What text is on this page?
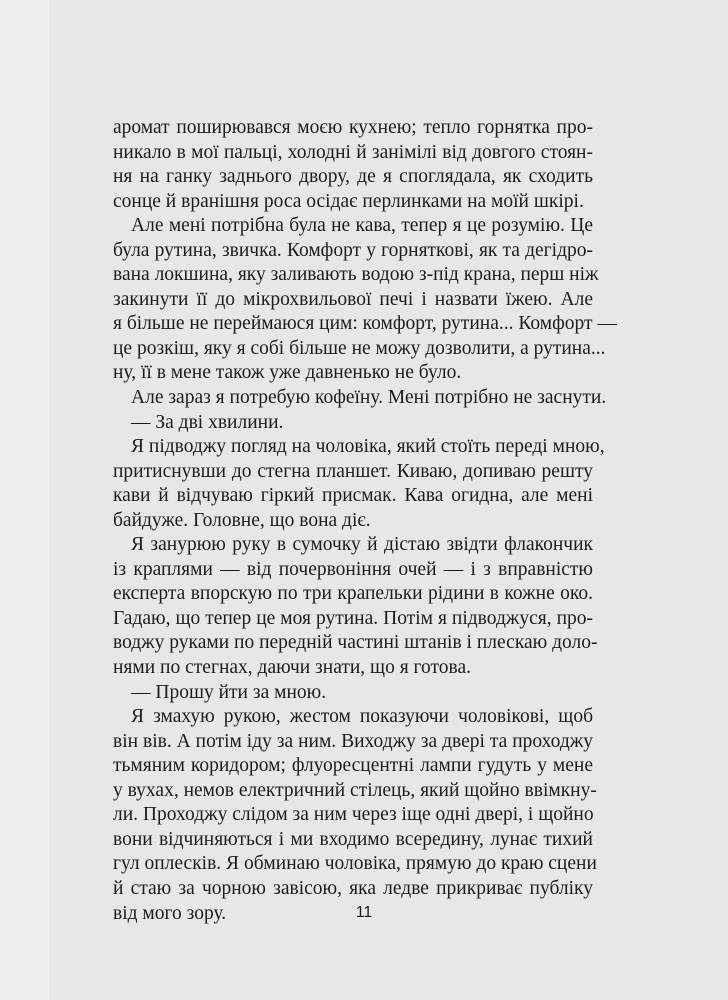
аромат поширювався моєю кухнею; тепло горнятка про-
никало в мої пальці, холодні й занімілі від довгого стоян-
ня на ганку заднього двору, де я споглядала, як сходить
сонце й вранішня роса осідає перлинками на моїй шкірі.
Але мені потрібна була не кава, тепер я це розумію. Це
була рутина, звичка. Комфорт у горняткові, як та дегідро-
вана локшина, яку заливають водою з-під крана, перш ніж
закинути її до мікрохвильової печі і назвати їжею. Але
я більше не переймаюся цим: комфорт, рутина... Комфорт —
це розкіш, яку я собі більше не можу дозволити, а рутина...
ну, її в мене також уже давненько не було.
Але зараз я потребую кофеїну. Мені потрібно не заснути.
— За дві хвилини.
Я підводжу погляд на чоловіка, який стоїть переді мною,
притиснувши до стегна планшет. Киваю, допиваю решту
кави й відчуваю гіркий присмак. Кава огидна, але мені
байдуже. Головне, що вона діє.
Я занурюю руку в сумочку й дістаю звідти флакончик
із краплями — від почервоніння очей — і з вправністю
експерта впорскую по три крапельки рідини в кожне око.
Гадаю, що тепер це моя рутина. Потім я підводжуся, про-
воджу руками по передній частині штанів і плескаю доло-
нями по стегнах, даючи знати, що я готова.
— Прошу йти за мною.
Я змахую рукою, жестом показуючи чоловікові, щоб
він вів. А потім іду за ним. Виходжу за двері та проходжу
тьмяним коридором; флуоресцентні лампи гудуть у мене
у вухах, немов електричний стілець, який щойно ввімкну-
ли. Проходжу слідом за ним через іще одні двері, і щойно
вони відчиняються і ми входимо всередину, лунає тихий
гул оплесків. Я обминаю чоловіка, прямую до краю сцени
й стаю за чорною завісою, яка ледве прикриває публіку
від мого зору.	11
